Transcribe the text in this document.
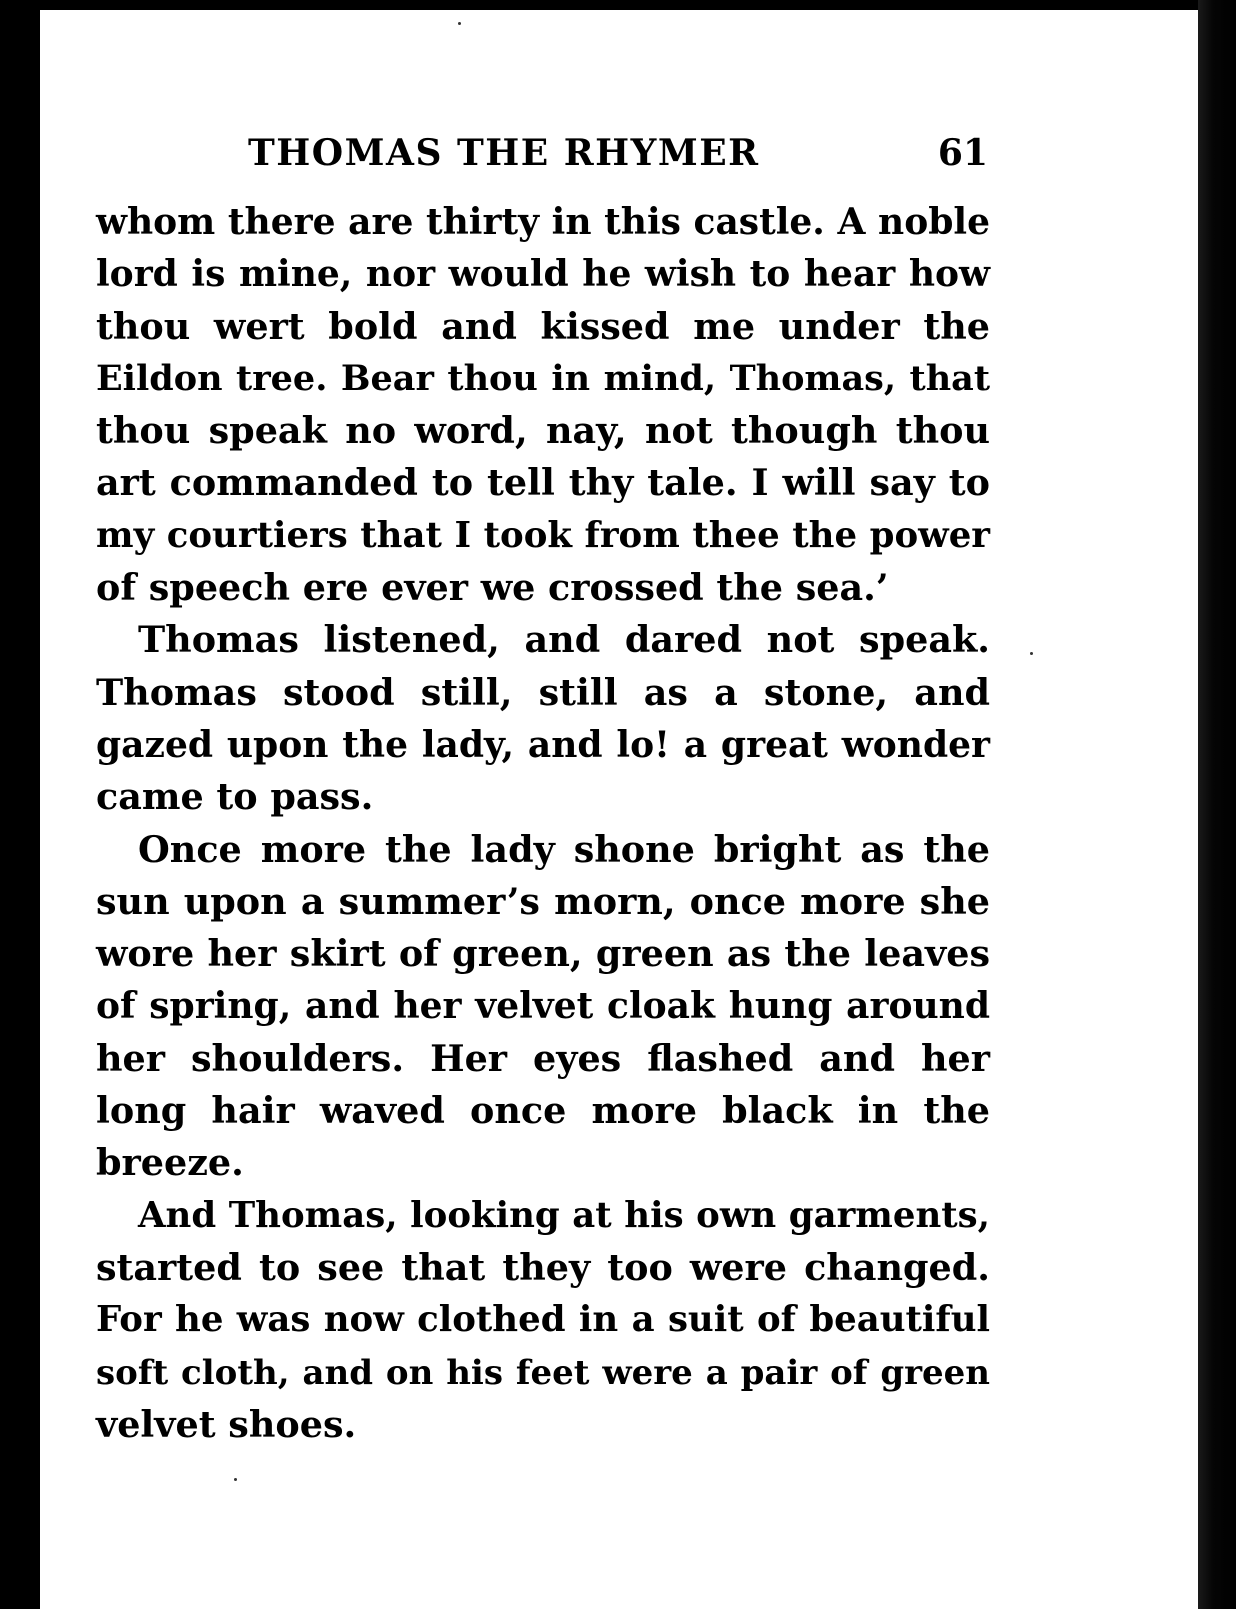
THOMAS THE RHYMER	61
whom there are thirty in this castle. A noble
lord is mine, nor would he wish to hear how
thou wert bold and kissed me under the
Eildon tree. Bear thou in mind, Thomas, that
thou speak no word, nay, not though thou
art commanded to tell thy tale. I will say to
my courtiers that I took from thee the power
of speech ere ever we crossed the sea.’
Thomas listened, and dared not speak.
Thomas stood still, still as a stone, and
gazed upon the lady, and lo! a great wonder
came to pass.
Once more the lady shone bright as the
sun upon a summer’s morn, once more she
wore her skirt of green, green as the leaves
of spring, and her velvet cloak hung around
her shoulders. Her eyes flashed and her
long hair waved once more black in the
breeze.
And Thomas, looking at his own garments,
started to see that they too were changed.
For he was now clothed in a suit of beautiful
soft cloth, and on his feet were a pair of green
velvet shoes.
